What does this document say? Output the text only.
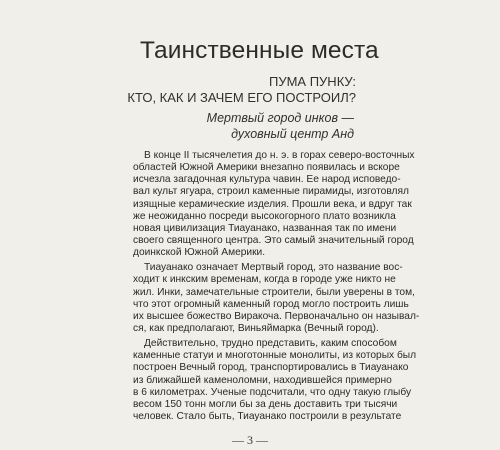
Таинственные места
ПУМА ПУНКУ:
КТО, КАК И ЗАЧЕМ ЕГО ПОСТРОИЛ?
Мертвый город инков —
духовный центр Анд
В конце II тысячелетия до н. э. в горах северо-восточных
областей Южной Америки внезапно появилась и вскоре
исчезла загадочная культура чавин. Ее народ исповедо-
вал культ ягуара, строил каменные пирамиды, изготовлял
изящные керамические изделия. Прошли века, и вдруг так
же неожиданно посреди высокогорного плато возникла
новая цивилизация Тиауанако, названная так по имени
своего священного центра. Это самый значительный город
доинкской Южной Америки.
Тиауанако означает Мертвый город, это название вос-
ходит к инкским временам, когда в городе уже никто не
жил. Инки, замечательные строители, были уверены в том,
что этот огромный каменный город могло построить лишь
их высшее божество Виракоча. Первоначально он называл-
ся, как предполагают, Виньяймарка (Вечный город).
Действительно, трудно представить, каким способом
каменные статуи и многотонные монолиты, из которых был
построен Вечный город, транспортировались в Тиауанако
из ближайшей каменоломни, находившейся примерно
в 6 километрах. Ученые подсчитали, что одну такую глыбу
весом 150 тонн могли бы за день доставить три тысячи
человек. Стало быть, Тиауанако построили в результате
— 3 —
